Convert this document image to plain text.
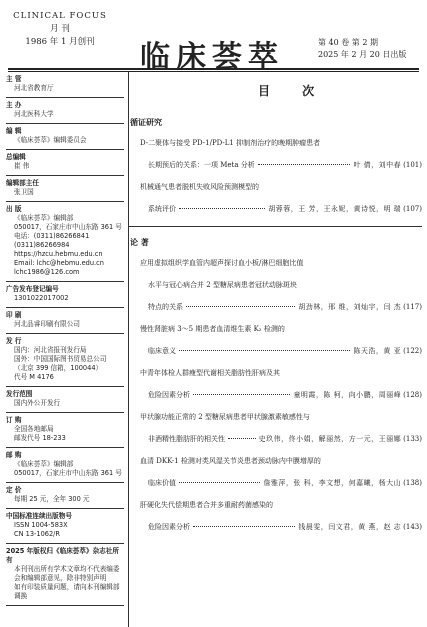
CLINICAL FOCUS
月 刊
1986 年 1 月创刊	临床荟萃	第 40 卷 第 2 期
2025 年 2 月 20 日出版
主 管
河北省教育厅
主 办
河北医科大学
编 辑
《临床荟萃》编辑委员会
总编辑
崔 伟
编辑部主任
张卫国
出 版
《临床荟萃》编辑部
050017，石家庄市中山东路 361 号
电话：(0311)86266841
(0311)86266984
https://hzcu.hebmu.edu.cn
Email: lchc@hebmu.edu.cn
lchc1986@126.com
广告发布登记编号
1301022017002
印 刷
河北品睿印刷有限公司
发 行
国内：河北省报刊发行局
国外：中国国际图书贸易总公司
（北京 399 信箱，100044）
代号 M 4176
发行范围
国内外公开发行
订 购
全国各地邮局
邮发代号 18-233
邮 购
《临床荟萃》编辑部
050017，石家庄市中山东路 361 号
定 价
每期 25 元，全年 300 元
中国标准连续出版物号
ISSN 1004-583X
CN 13-1062/R
2025 年版权归《临床荟萃》杂志社所有
本刊刊出所有学术文章均不代表编委会和编辑部意见，除非特别声明
如有印装质量问题，请向本刊编辑部调换
目 次
循证研究
D-二聚体与接受 PD-1/PD-L1 抑制剂治疗的晚期肿瘤患者
长期预后的关系：一项 Meta 分析	叶 倩，刘中春 (101)
机械通气患者脱机失败风险预测模型的
系统评价	胡蓉蓉，王 芳，王永妮，黄诗悦，明 瑞 (107)
论 著
应用虚拟组织学血管内超声探讨血小板/淋巴细胞比值
水平与冠心病合并 2 型糖尿病患者冠状动脉斑块
特点的关系	胡劲林，邢 维，刘灿宇，闫 杰 (117)
慢性肾脏病 3～5 期患者血清维生素 K₂ 检测的
临床意义	陈天浩，黄 亚 (122)
中青年体检人群瘦型代谢相关脂肪性肝病及其
危险因素分析	童明霞，陈 柯，向小鹏，周丽峰 (128)
甲状腺功能正常的 2 型糖尿病患者甲状腺激素敏感性与
非酒精性脂肪肝的相关性	史玖伟，佟小娟，解丽然，方一元，王丽娜 (133)
血清 DKK-1 检测对类风湿关节炎患者颈动脉内中膜增厚的
临床价值	詹雅萍，张 科，李文想，何嘉曦，杨大山 (138)
肝硬化失代偿期患者合并多重耐药菌感染的
危险因素分析	钱晨雯，闫文君，黄 燕，赵 志 (143)
